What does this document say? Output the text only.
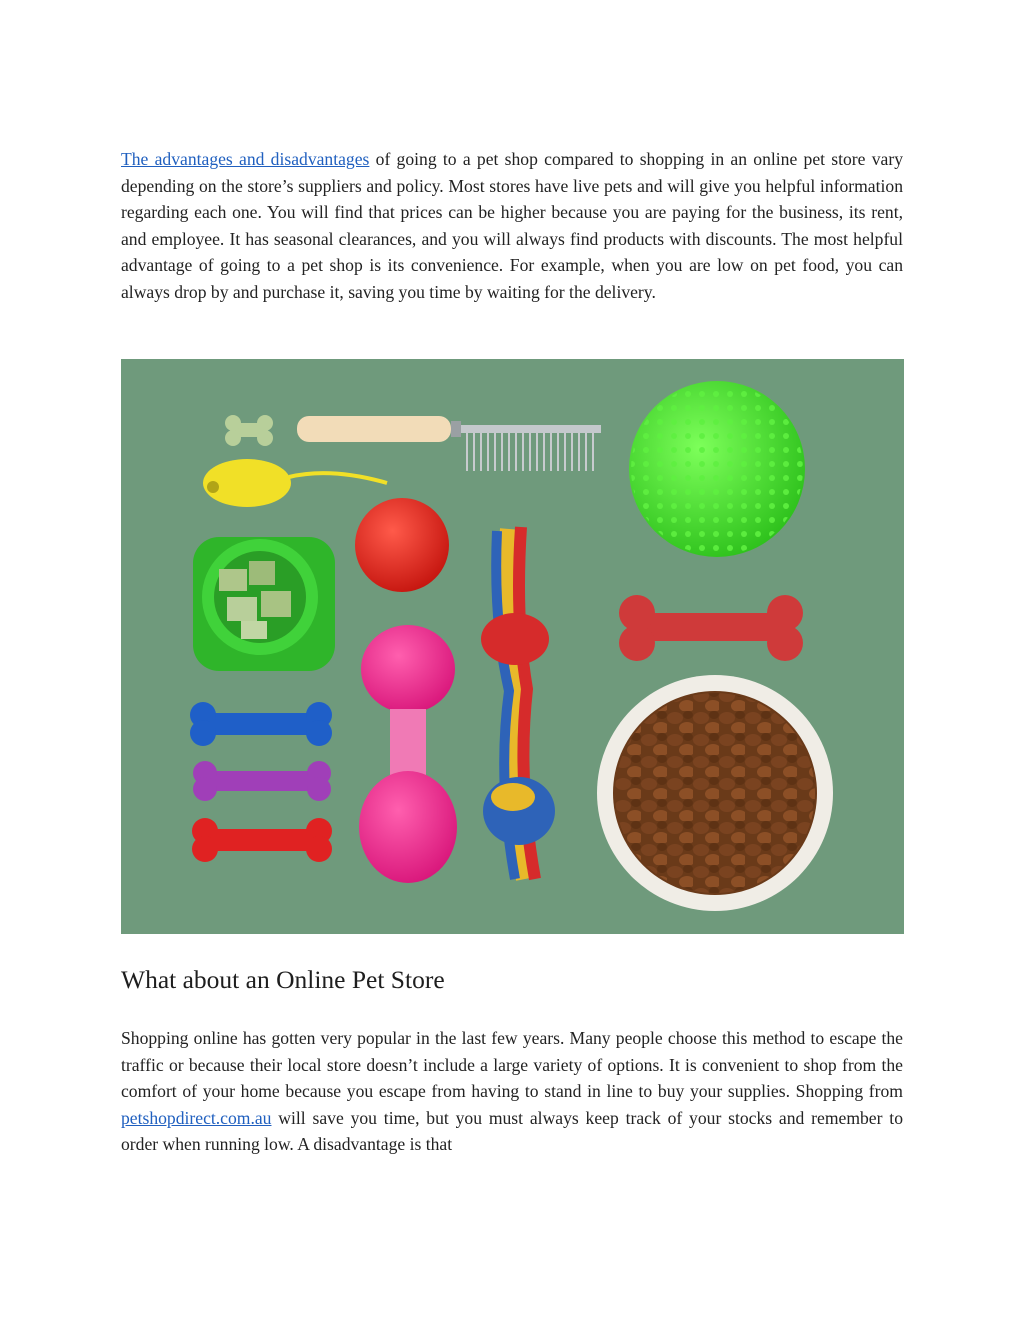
The advantages and disadvantages of going to a pet shop compared to shopping in an online pet store vary depending on the store’s suppliers and policy. Most stores have live pets and will give you helpful information regarding each one. You will find that prices can be higher because you are paying for the business, its rent, and employee. It has seasonal clearances, and you will always find products with discounts. The most helpful advantage of going to a pet shop is its convenience. For example, when you are low on pet food, you can always drop by and purchase it, saving you time by waiting for the delivery.

What about an Online Pet Store

Shopping online has gotten very popular in the last few years. Many people choose this method to escape the traffic or because their local store doesn’t include a large variety of options. It is convenient to shop from the comfort of your home because you escape from having to stand in line to buy your supplies. Shopping from petshopdirect.com.au will save you time, but you must always keep track of your stocks and remember to order when running low. A disadvantage is that
